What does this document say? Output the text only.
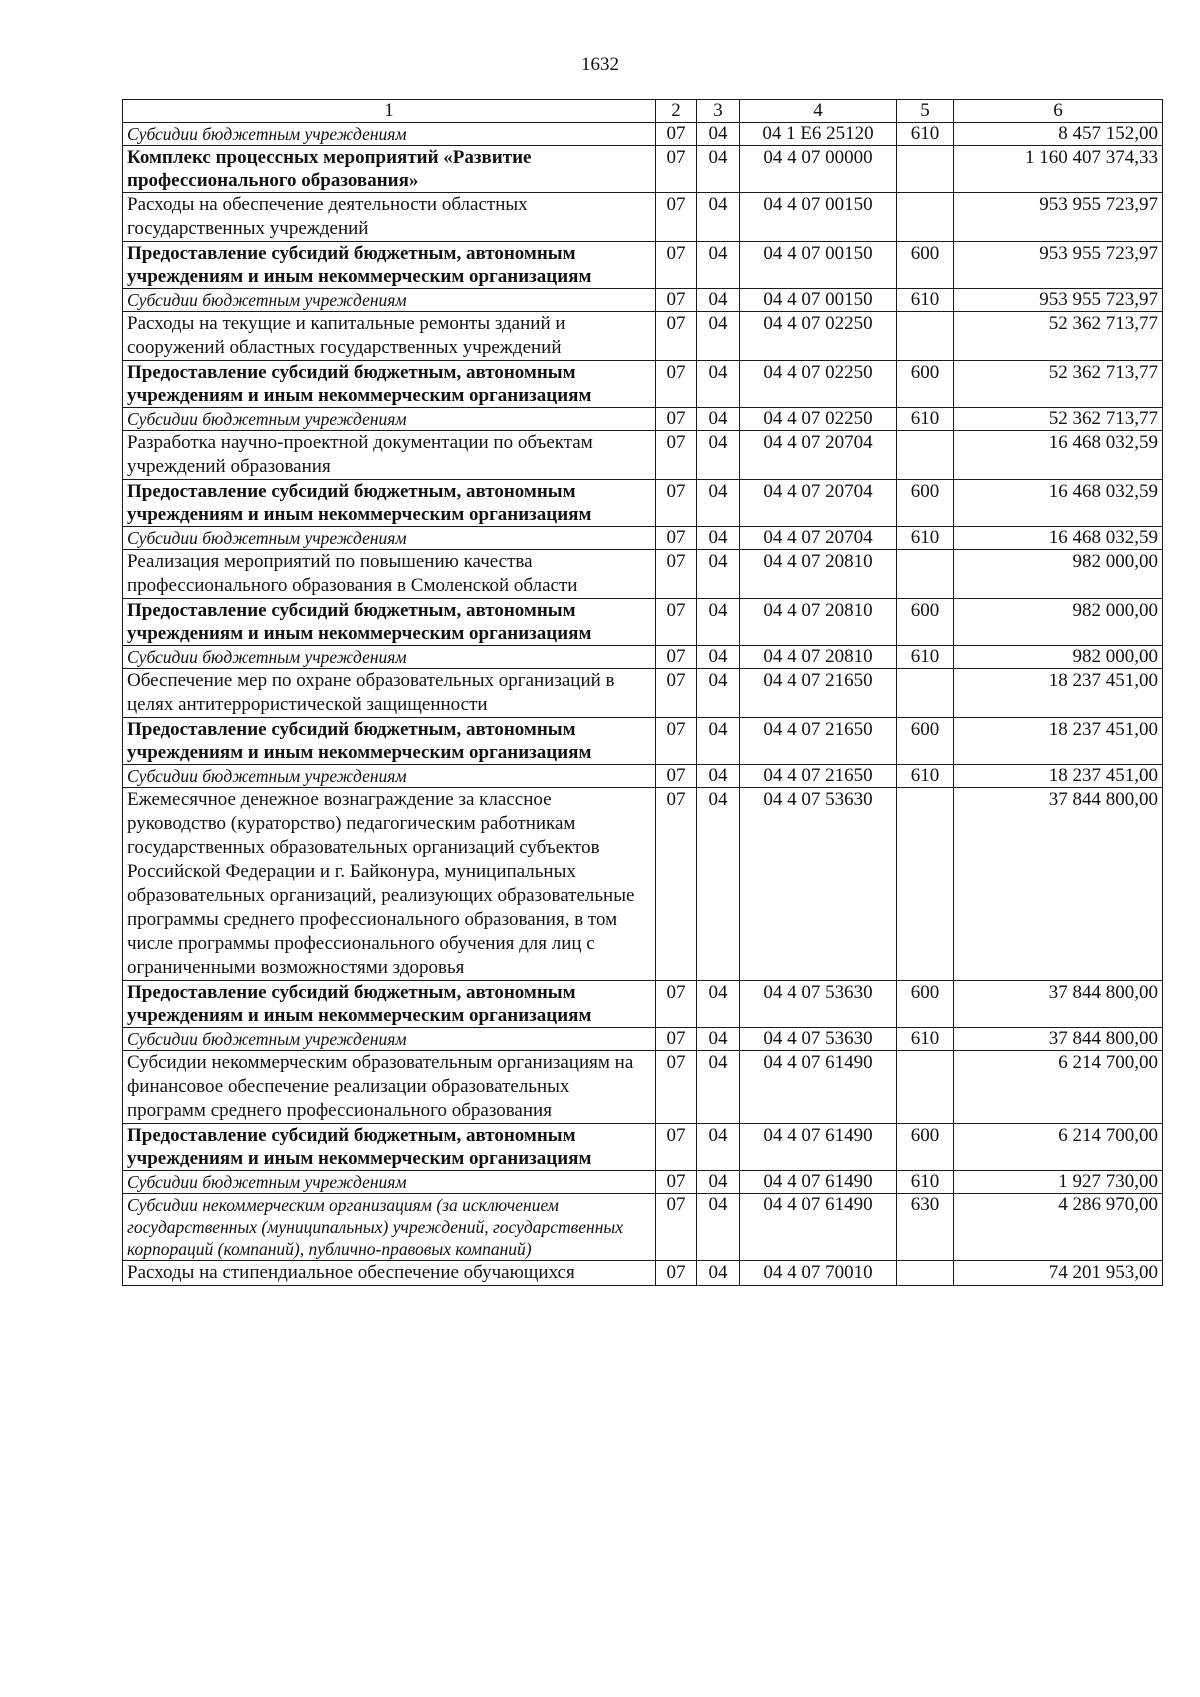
1632
1	2	3	4	5	6
Субсидии бюджетным учреждениям	07	04	04 1 Е6 25120	610	8 457 152,00
Комплекс процессных мероприятий «Развитие профессионального образования»	07	04	04 4 07 00000		1 160 407 374,33
Расходы на обеспечение деятельности областных государственных учреждений	07	04	04 4 07 00150		953 955 723,97
Предоставление субсидий бюджетным, автономным учреждениям и иным некоммерческим организациям	07	04	04 4 07 00150	600	953 955 723,97
Субсидии бюджетным учреждениям	07	04	04 4 07 00150	610	953 955 723,97
Расходы на текущие и капитальные ремонты зданий и сооружений областных государственных учреждений	07	04	04 4 07 02250		52 362 713,77
Предоставление субсидий бюджетным, автономным учреждениям и иным некоммерческим организациям	07	04	04 4 07 02250	600	52 362 713,77
Субсидии бюджетным учреждениям	07	04	04 4 07 02250	610	52 362 713,77
Разработка научно-проектной документации по объектам учреждений образования	07	04	04 4 07 20704		16 468 032,59
Предоставление субсидий бюджетным, автономным учреждениям и иным некоммерческим организациям	07	04	04 4 07 20704	600	16 468 032,59
Субсидии бюджетным учреждениям	07	04	04 4 07 20704	610	16 468 032,59
Реализация мероприятий по повышению качества профессионального образования в Смоленской области	07	04	04 4 07 20810		982 000,00
Предоставление субсидий бюджетным, автономным учреждениям и иным некоммерческим организациям	07	04	04 4 07 20810	600	982 000,00
Субсидии бюджетным учреждениям	07	04	04 4 07 20810	610	982 000,00
Обеспечение мер по охране образовательных организаций в целях антитеррористической защищенности	07	04	04 4 07 21650		18 237 451,00
Предоставление субсидий бюджетным, автономным учреждениям и иным некоммерческим организациям	07	04	04 4 07 21650	600	18 237 451,00
Субсидии бюджетным учреждениям	07	04	04 4 07 21650	610	18 237 451,00
Ежемесячное денежное вознаграждение за классное руководство (кураторство) педагогическим работникам государственных образовательных организаций субъектов Российской Федерации и г. Байконура, муниципальных образовательных организаций, реализующих образовательные программы среднего профессионального образования, в том числе программы профессионального обучения для лиц с ограниченными возможностями здоровья	07	04	04 4 07 53630		37 844 800,00
Предоставление субсидий бюджетным, автономным учреждениям и иным некоммерческим организациям	07	04	04 4 07 53630	600	37 844 800,00
Субсидии бюджетным учреждениям	07	04	04 4 07 53630	610	37 844 800,00
Субсидии некоммерческим образовательным организациям на финансовое обеспечение реализации образовательных программ среднего профессионального образования	07	04	04 4 07 61490		6 214 700,00
Предоставление субсидий бюджетным, автономным учреждениям и иным некоммерческим организациям	07	04	04 4 07 61490	600	6 214 700,00
Субсидии бюджетным учреждениям	07	04	04 4 07 61490	610	1 927 730,00
Субсидии некоммерческим организациям (за исключением государственных (муниципальных) учреждений, государственных корпораций (компаний), публично-правовых компаний)	07	04	04 4 07 61490	630	4 286 970,00
Расходы на стипендиальное обеспечение обучающихся	07	04	04 4 07 70010		74 201 953,00
